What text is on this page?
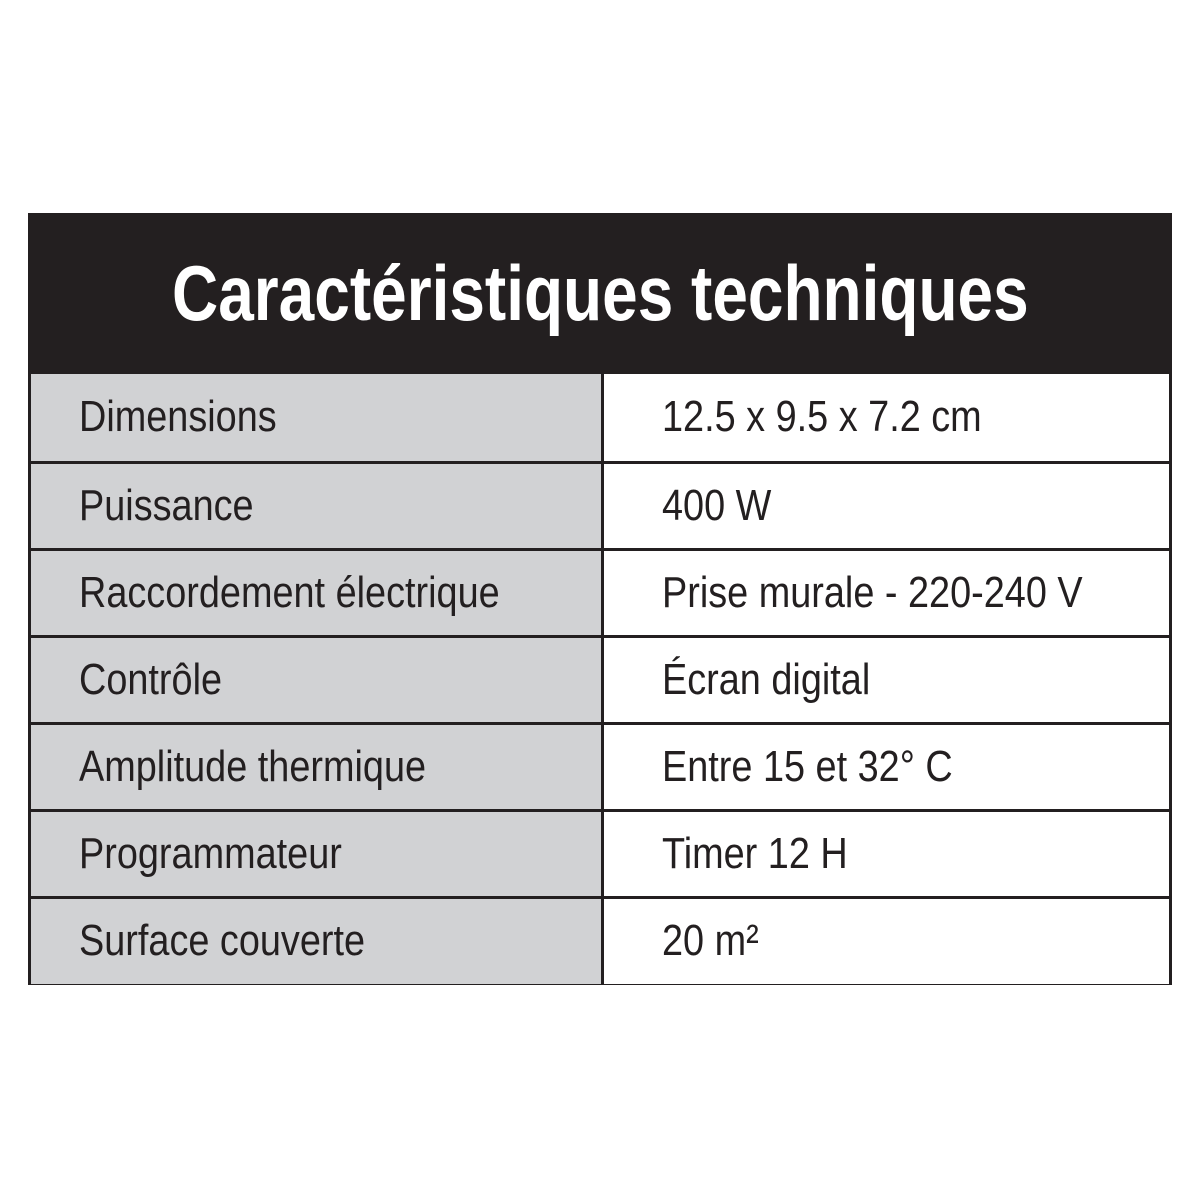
Caractéristiques techniques
Dimensions	12.5 x 9.5 x 7.2 cm
Puissance	400 W
Raccordement électrique	Prise murale - 220-240 V
Contrôle	Écran digital
Amplitude thermique	Entre 15 et 32° C
Programmateur	Timer 12 H
Surface couverte	20 m²
